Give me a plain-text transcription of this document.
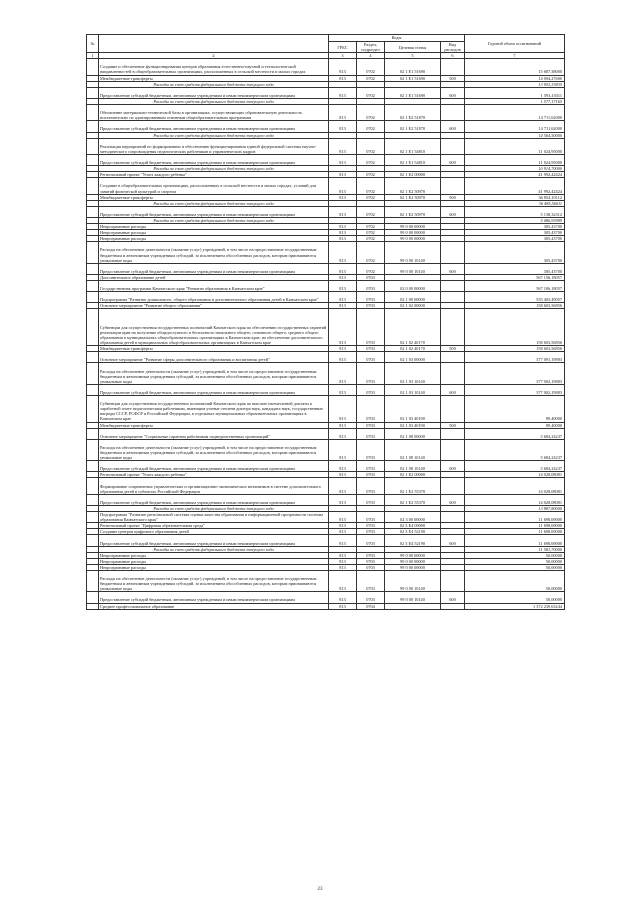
№		Коды				Годовой объем ассигнований
		ГРБС	Раздел, подраздел	Целевая статья	Вид расходов	
1	2	3	4	5	6	7
	Создание и обеспечение функционирования центров образования естественно-научной и технологической направленностей в общеобразовательных организациях, расположенных в сельской местности и малых городах	813	0702	02 1 E1 51690		15 687,38000
	Межбюджетные трансферты	813	0702	02 1 E1 51690	500	14 094,27600
	Расходы за счет средств федерального бюджета текущего года					13 953,33835
	Предоставление субсидий бюджетным, автономным учреждениям и иным некоммерческим организациям	813	0702	02 1 E1 51690	600	1 593,10311
	Расходы за счет средств федерального бюджета текущего года					1 577,17165
	Обновление материально-технической базы в организациях, осуществляющих образовательную деятельность исключительно по адаптированным основным общеобразовательным программам	813	0702	02 1 E2 51870		14 711,62000
	Предоставление субсидий бюджетным, автономным учреждениям и иным некоммерческим организациям	813	0702	02 1 E2 51870	600	14 711,62000
	Расходы за счет средств федерального бюджета текущего года					14 564,50000
	Реализация мероприятий по формированию и обеспечению функционирования единой федеральной системы научно-методического сопровождения педагогических работников и управленческих кадров	813	0702	02 1 E1 54810		11 024,95000
	Предоставление субсидий бюджетным, автономным учреждениям и иным некоммерческим организациям	813	0702	02 1 E1 54810	600	11 024,95000
	Расходы за счет средств федерального бюджета текущего года					10 914,70000
	Региональный проект "Успех каждого ребенка"	813	0702	02 1 E2 00000		41 992,42424
	Создание в общеобразовательных организациях, расположенных в сельской местности и малых городах, условий для занятий физической культурой и спортом	813	0702	02 1 E2 50970		41 992,42424
	Межбюджетные трансферты	813	0702	02 1 E2 50970	500	36 854,10112
	Расходы за счет средств федерального бюджета текущего года					36 485,56011
	Предоставление субсидий бюджетным, автономным учреждениям и иным некоммерческим организациям	813	0702	02 1 E2 50970	600	5 138,32312
	Расходы за счет средств федерального бюджета текущего года					5 086,93989
	Непрограммные расходы	813	0702	99 0 00 00000		305,43700
	Непрограммные расходы	813	0702	99 0 00 00000		305,43700
	Непрограммные расходы	813	0702	99 0 00 00000		305,43700
	Расходы на обеспечение деятельности (оказание услуг) учреждений, в том числе на предоставление государственным бюджетным и автономным учреждениям субсидий, за исключением обособленных расходов, которым присваиваются уникальные коды	813	0702	99 0 00 10140		305,43700
	Предоставление субсидий бюджетным, автономным учреждениям и иным некоммерческим организациям	813	0702	99 0 00 10140	600	305,43700
	Дополнительное образование детей	813	0703			567 156,18057
	Государственная программа Камчатского края "Развитие образования в Камчатском крае"	813	0703	02 0 00 00000		567 106,18057
	Подпрограмма "Развитие дошкольного, общего образования и дополнительного образования детей в Камчатском крае"	813	0703	02 1 00 00000		555 403,49057
	Основное мероприятие "Развитие общего образования"	813	0703	02 1 02 00000		158 603,56856
	Субвенции для осуществления государственных полномочий Камчатского края по обеспечению государственных гарантий реализации прав на получение общедоступного и бесплатного начального общего, основного общего, среднего общего образования в муниципальных общеобразовательных организациях в Камчатском крае, на обеспечение дополнительного образования детей в муниципальных общеобразовательных организациях в Камчатском крае	813	0703	02 1 02 40170		158 603,56856
	Межбюджетные трансферты	813	0703	02 1 02 40170	500	158 603,56856
	Основное мероприятие "Развитие сферы дополнительного образования и воспитания детей"	813	0703	02 1 03 00000		377 091,19883
	Расходы на обеспечение деятельности (оказание услуг) учреждений, в том числе на предоставление государственным бюджетным и автономным учреждениям субсидий, за исключением обособленных расходов, которым присваиваются уникальные коды	813	0703	02 1 03 10140		377 002,19883
	Предоставление субсидий бюджетным, автономным учреждениям и иным некоммерческим организациям	813	0703	02 1 03 10140	600	377 002,19883
	Субвенции для осуществления государственных полномочий Камчатского края по выплате ежемесячной доплаты к заработной плате педагогическим работникам, имеющим ученые степени доктора наук, кандидата наук, государственные награды СССР, РСФСР и Российской Федерации, в отдельных муниципальных образовательных организациях в Камчатском крае	813	0703	02 1 03 40190		89,40000
	Межбюджетные трансферты	813	0703	02 1 03 40190	500	89,40000
	Основное мероприятие "Социальные гарантии работникам подведомственных организаций"	813	0703	02 1 08 00000		5 684,24237
	Расходы на обеспечение деятельности (оказание услуг) учреждений, в том числе на предоставление государственным бюджетным и автономным учреждениям субсидий, за исключением обособленных расходов, которым присваиваются уникальные коды	813	0703	02 1 08 10140		5 684,24237
	Предоставление субсидий бюджетным, автономным учреждениям и иным некоммерческим организациям	813	0703	02 1 08 10140	600	5 684,24237
	Региональный проект "Успех каждого ребенка"	813	0703	02 1 E2 00000		14 028,08081
	Формирование современных управленческих и организационно-экономических механизмов в системе дополнительного образования детей в субъектах Российской Федерации	813	0703	02 1 E2 55370		14 028,08081
	Предоставление субсидий бюджетным, автономным учреждениям и иным некоммерческим организациям	813	0703	02 1 E2 55370	600	14 028,08081
	Расходы за счет средств федерального бюджета текущего года					13 887,80000
	Подпрограмма "Развитие региональной системы оценки качества образования и информационной прозрачности системы образования Камчатского края"	813	0703	02 3 00 00000		11 698,69000
	Региональный проект "Цифровая образовательная среда"	813	0703	02 3 E4 00000		11 698,69000
	Создание центров цифрового образования детей	813	0703	02 3 E4 52190		11 698,69000
	Предоставление субсидий бюджетным, автономным учреждениям и иным некоммерческим организациям	813	0703	02 3 E4 52190	600	11 698,69000
	Расходы за счет средств федерального бюджета текущего года					11 581,70000
	Непрограммные расходы	813	0703	99 0 00 00000		50,00000
	Непрограммные расходы	813	0703	99 0 00 00000		50,00000
	Непрограммные расходы	813	0703	99 0 00 00000		50,00000
	Расходы на обеспечение деятельности (оказание услуг) учреждений, в том числе на предоставление государственным бюджетным и автономным учреждениям субсидий, за исключением обособленных расходов, которым присваиваются уникальные коды	813	0703	99 0 00 10140		50,00000
	Предоставление субсидий бюджетным, автономным учреждениям и иным некоммерческим организациям	813	0703	99 0 00 10140	600	50,00000
	Среднее профессиональное образование	813	0704			1 372 239,63244
23
